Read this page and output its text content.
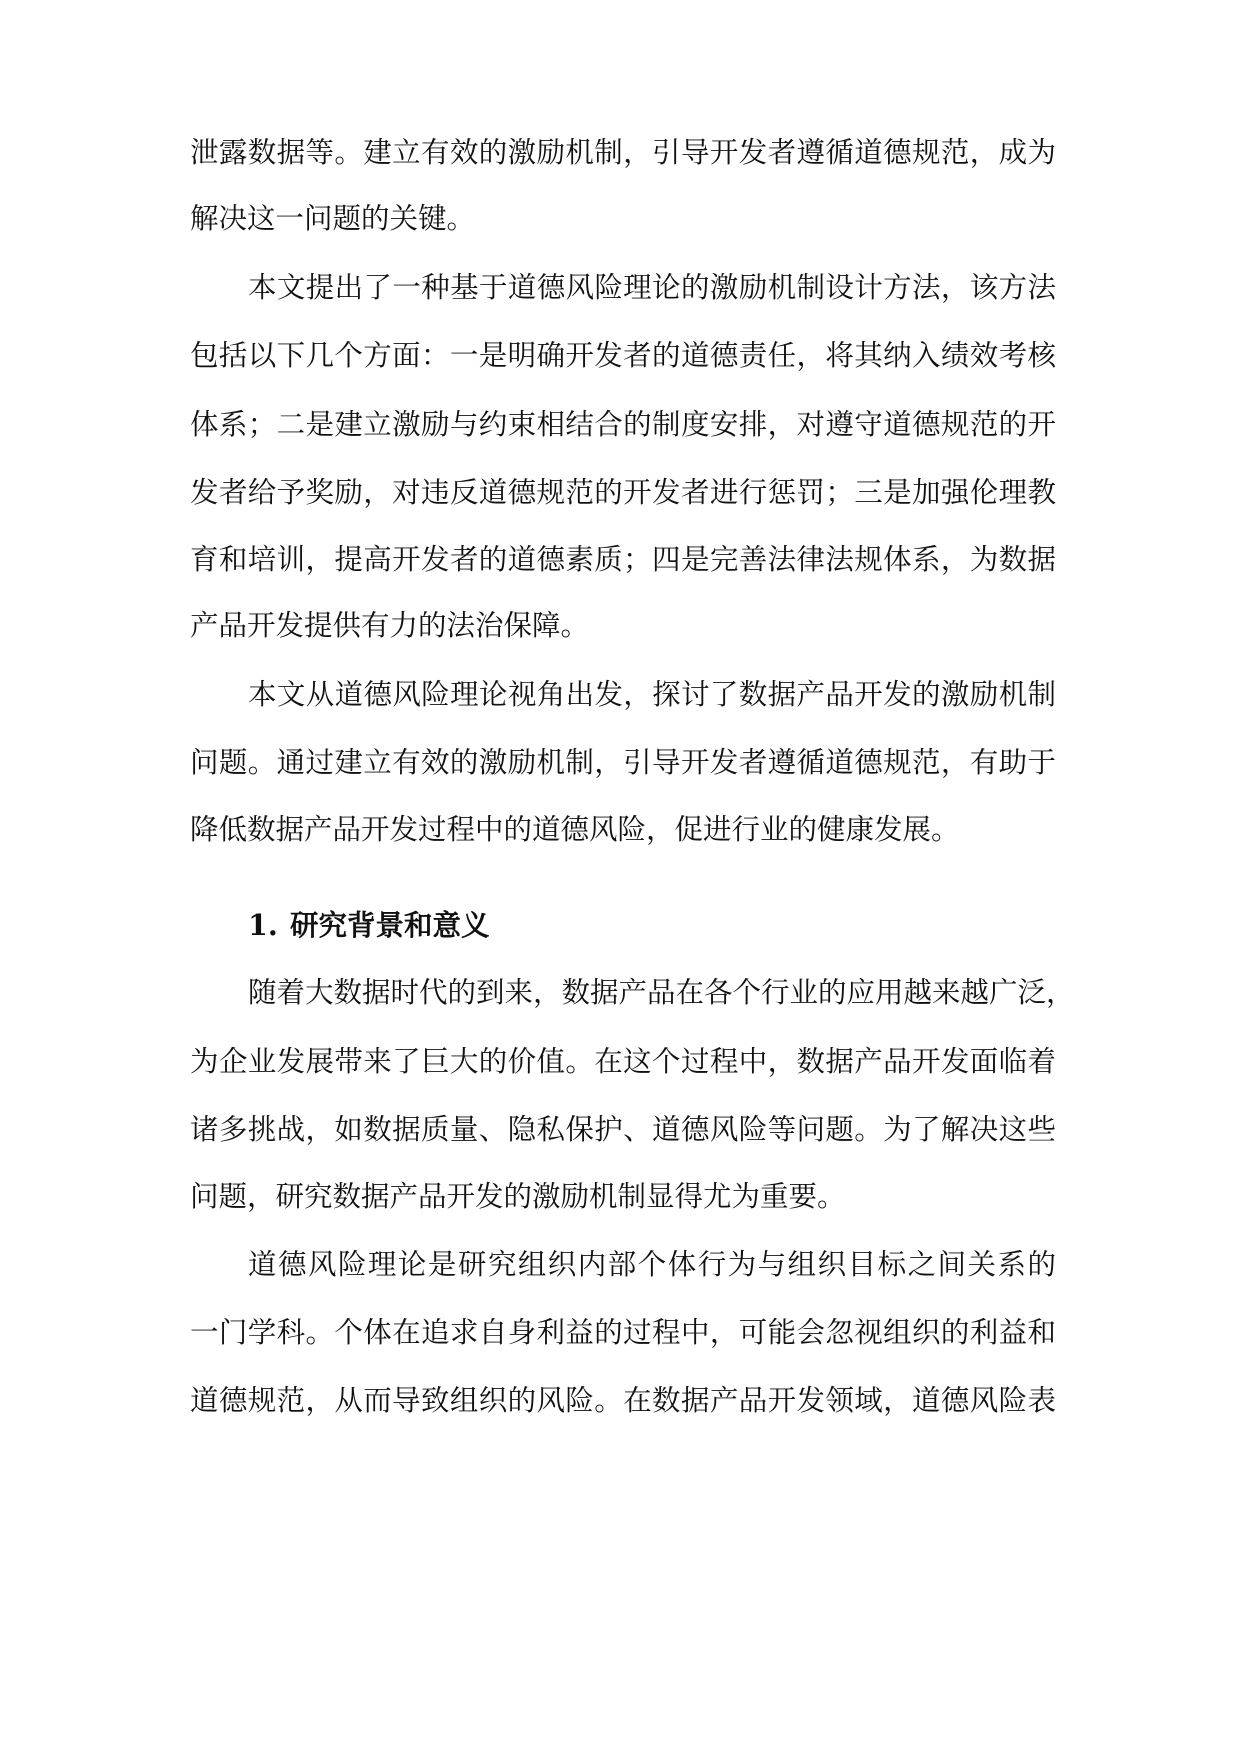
泄露数据等。建立有效的激励机制，引导开发者遵循道德规范，成为
解决这一问题的关键。
本文提出了一种基于道德风险理论的激励机制设计方法，该方法
包括以下几个方面：一是明确开发者的道德责任，将其纳入绩效考核
体系；二是建立激励与约束相结合的制度安排，对遵守道德规范的开
发者给予奖励，对违反道德规范的开发者进行惩罚；三是加强伦理教
育和培训，提高开发者的道德素质；四是完善法律法规体系，为数据
产品开发提供有力的法治保障。
本文从道德风险理论视角出发，探讨了数据产品开发的激励机制
问题。通过建立有效的激励机制，引导开发者遵循道德规范，有助于
降低数据产品开发过程中的道德风险，促进行业的健康发展。
1. 研究背景和意义
随着大数据时代的到来，数据产品在各个行业的应用越来越广泛，
为企业发展带来了巨大的价值。在这个过程中，数据产品开发面临着
诸多挑战，如数据质量、隐私保护、道德风险等问题。为了解决这些
问题，研究数据产品开发的激励机制显得尤为重要。
道德风险理论是研究组织内部个体行为与组织目标之间关系的
一门学科。个体在追求自身利益的过程中，可能会忽视组织的利益和
道德规范，从而导致组织的风险。在数据产品开发领域，道德风险表
